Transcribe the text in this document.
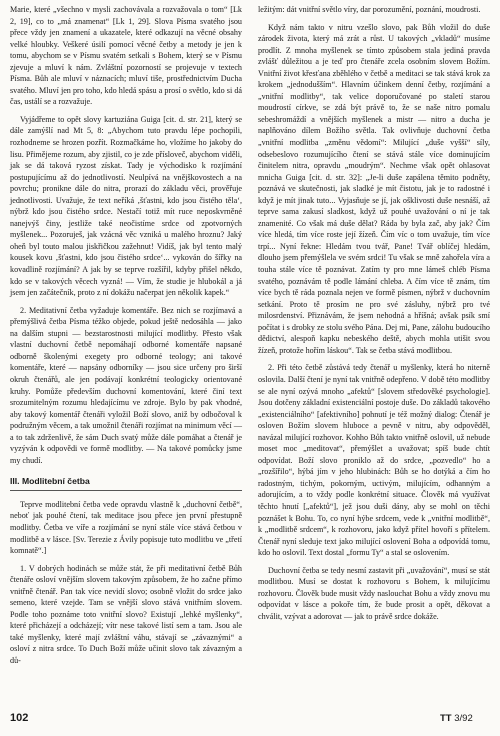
Marie, které „všechno v mysli zachovávala a rozvažovala o tom“ [Lk 2, 19], co to „má znamenat“ [Lk 1, 29]. Slova Písma svatého jsou přece vždy jen znamení a ukazatele, které odkazují na věcné obsahy velké hloubky. Veškeré úsilí pomocí věcné četby a metody je jen k tomu, abychom se v Písmu svatém setkali s Bohem, který se v Písmu zjevuje a mluví k nám. Zvláštní pozorností se projevuje v textech Písma. Bůh ale mluví v náznacích; mluví tiše, prostřednictvím Ducha svatého. Mluví jen pro toho, kdo hledá spásu a prosí o světlo, kdo si dá čas, ustálí se a rozvažuje.

Vyjádřeme to opět slovy kartuziána Guiga [cit. d. str. 21], který se dále zamýšlí nad Mt 5, 8: „Abychom tuto pravdu lépe pochopili, rozhodneme se hrozen pozřít. Rozmačkáme ho, vložíme ho jakoby do lisu. Přimějeme rozum, aby zjistil, co je zde přísloveč, abychom viděli, jak se dá taková ryzost získat. Tady je východisko k rozjímání postupujícímu až do jednotlivostí. Neulpívá na vnějškovostech a na povrchu; pronikne dále do nitra, prorazí do základu věci, prověřuje jednotlivosti. Uvažuje, že text neříká ‚šťastni, kdo jsou čistého těla‘, nýbrž kdo jsou čistého srdce. Nestačí totiž mít ruce neposkvrněné nanejvýš činy, jestliže také neočistíme srdce od zpotvorných myšlenek... Pozoruješ, jak vzácná věc vzniká u malého hroznu? Jaký oheň byl touto malou jiskřičkou zažehnut! Vidíš, jak byl tento malý kousek kovu ‚šťastni, kdo jsou čistého srdce‘... vykován do šířky na kovadlině rozjímání? A jak by se teprve rozšířil, kdyby přišel někdo, kdo se v takových věcech vyzná! — Vím, že studie je hlubokál a já jsem jen začátečník, proto z ní dokážu načerpat jen několik kapek.“

2. Meditativní četba vyžaduje komentáře. Bez nich se rozjímavá a přemýšlivá četba Písma téžko objede, pokud ještě nedosáhla — jako na dalším stupni — bezstarostnosti milující modlitby. Přesto však vlastní duchovní četbě nepomáhají odborné komentáře napsané odborně školenými exegety pro odborné teology; ani takové komentáře, které — napsány odborníky — jsou sice určeny pro širší okruh čtenářů, ale jen podávají konkrétní teologicky orientované kruhy. Pomůže především duchovní komentování, které činí text srozumitelným rozumu hledajícímu ve zdroje. Bylo by pak vhodné, aby takový komentář čtenáři vyložil Boží slovo, aniž by odbočoval k podružným věcem, a tak umožnil čtenáři rozjímat na minimum věcí — a to tak zdrženlivě, že sám Duch svatý může dále pomáhat a čtenář je vyzýván k odpovědi ve formě modlitby. — Na takové pomůcky jsme my chudí.

III. Modlitební četba

Teprve modlitební četba vede opravdu vlastně k „duchovní četbě“, neboť jak pouhé čtení, tak meditace jsou přece jen první přestupně modlitby. Četba ve víře a rozjímání se nyní stále více stává četbou v modlitbě a v lásce. [Sv. Terezie z Ávily popisuje tuto modlitbu ve „třetí komnatě“.]

1. V dobrých hodinách se může stát, že při meditativní četbě Bůh čtenáře osloví vnějším slovem takovým způsobem, že ho začne přímo vnitřně čtenář. Pan tak více nevidí slovo; osobně vložit do srdce jako semeno, které vzejde. Tam se vnější slovo stává vnitřním slovem. Podle toho poznáme toto vnitřní slovo? Existují „lehké myšlenky“, které přicházejí a odcházejí; vítr nese takové listí sem a tam. Jsou ale také myšlenky, které mají zvláštní váhu, stávají se „závaznými“ a osloví z nitra srdce. To Duch Boží může učinit slovo tak závazným a dů-

ležitým: dát vnitřní světlo víry, dar porozumění, poznání, moudrosti.

Když nám takto v nitru vzešlo slovo, pak Bůh vložil do duše zárodek života, který má zrát a růst. U takových „vkladů“ musíme prodlít. Z mnoha myšlenek se tímto způsobem stala jediná pravda zvlášť důležitou a je teď pro čtenáře zcela osobním slovem Božím. Vnitřní život křesťana zběhlého v četbě a meditaci se tak stává krok za krokem „jednodušším“. Hlavním účinkem denní četby, rozjímání a „vnitřní modlitby“, tak velice doporučované po staletí starou moudrostí církve, se zdá být právě to, že se naše nitro pomalu sebeshromáždí a vnějších myšlenek a mistr — nitro a ducha je naplňováno dílem Božího světla. Tak ovlivňuje duchovní četba „vnitřní modlitba „změnu vědomí“: Milující „duše vyšší“ síly, odsebeslovo rozumujícího čtení se stává stále více dominujícím činitelem nitra, opravdu „moudrým“. Nechme však opět ohlasovat mnicha Guiga [cit. d. str. 32]: „Je-li duše zapálena těmito podněty, poznává ve skutečnosti, jak sladké je mít čistotu, jak je to radostné i když je mít jinak tuto... Vyjasňuje se jí, jak ošklivosti duše nesnáší, až teprve sama zakusí sladkost, když už pouhé uvažování o ní je tak znamenité. Co však má duše dělat? Ráda by byla zač, aby jak? Čím více hledá, tím více roste její žízeň. Čím víc o tom uvažuje, tím více trpí... Nyní řekne: Hledám tvou tvář, Pane! Tvář oblíčej hledám, dlouho jsem přemýšlela ve svém srdci! Tu však se mně zahořela víra a touha stále více tě poznávat. Zatím ty pro mne lámeš chléb Písma svatého, poznávám tě podle lámání chleba. A čím více tě znám, tím více bych tě ráda poznala nejen ve formě písmen, nýbrž v duchovním setkání. Proto tě prosím ne pro své zásluhy, nýbrž pro tvé milosrdenství. Přiznávám, že jsem nehodná a hříšná; avšak psík smí počítat i s drobky ze stolu svého Pána. Dej mi, Pane, zálohu budoucího dědictví, alespoň kapku nebeského deště, abych mohla utišit svou žízeň, protože hořím láskou“. Tak se četba stává modlitbou.

2. Při této četbě zůstává tedy čtenář u myšlenky, která ho niterně oslovila. Další čtení je nyní tak vnitřně odepřeno. V době této modlitby se ale nyní ozývá mnoho „afektů“ [slovem středověké psychologie]. Jsou dotčeny základní existenciální postoje duše. Do základů takového „existenciálního“ [afektivního] pohnutí je též možný dialog: Čtenář je osloven Božím slovem hluboce a pevně v nitru, aby odpověděl, navázal milující rozhovor. Kohho Bůh takto vnitřně oslovil, už nebude moset moc „meditovat“, přemýšlet a uvažovat; spíš bude chtít odpovídat. Boží slovo proniklo až do srdce, „pozvedlo“ ho a „rozšířilo“, hýbá jím v jeho hlubinách: Bůh se ho dotýká a čím ho radostným, tichým, pokorným, uctivým, milujícím, odhanným a adorujícím, a to vždy podle konkrétní situace. Člověk má využívat těchto hnutí [„afektů“], jež jsou duši dány, aby se mohl on těchi poznášet k Bohu. To, co nyní hýbe srdcem, vede k „vnitřní modlitbě“, k „modlitbě srdcem“, k rozhovoru, jako když přítel hovoří s přítelem. Čtenář nyní sleduje text jako milující oslovení Boha a odpovídá tomu, kdo ho oslovil. Text dostal „formu Ty“ a stal se oslovením.

Duchovní četba se tedy nesmí zastavit při „uvažování“, musí se stát modlitbou. Musí se dostat k rozhovoru s Bohem, k milujícímu rozhovoru. Člověk bude musit vždy naslouchat Bohu a vždy znovu mu odpovídat v lásce a pokoře tím, že bude prosit a opět, děkovat a chválit, vzývat a adorovat — jak to právě srdce dokáže.

102	TT 3/92
